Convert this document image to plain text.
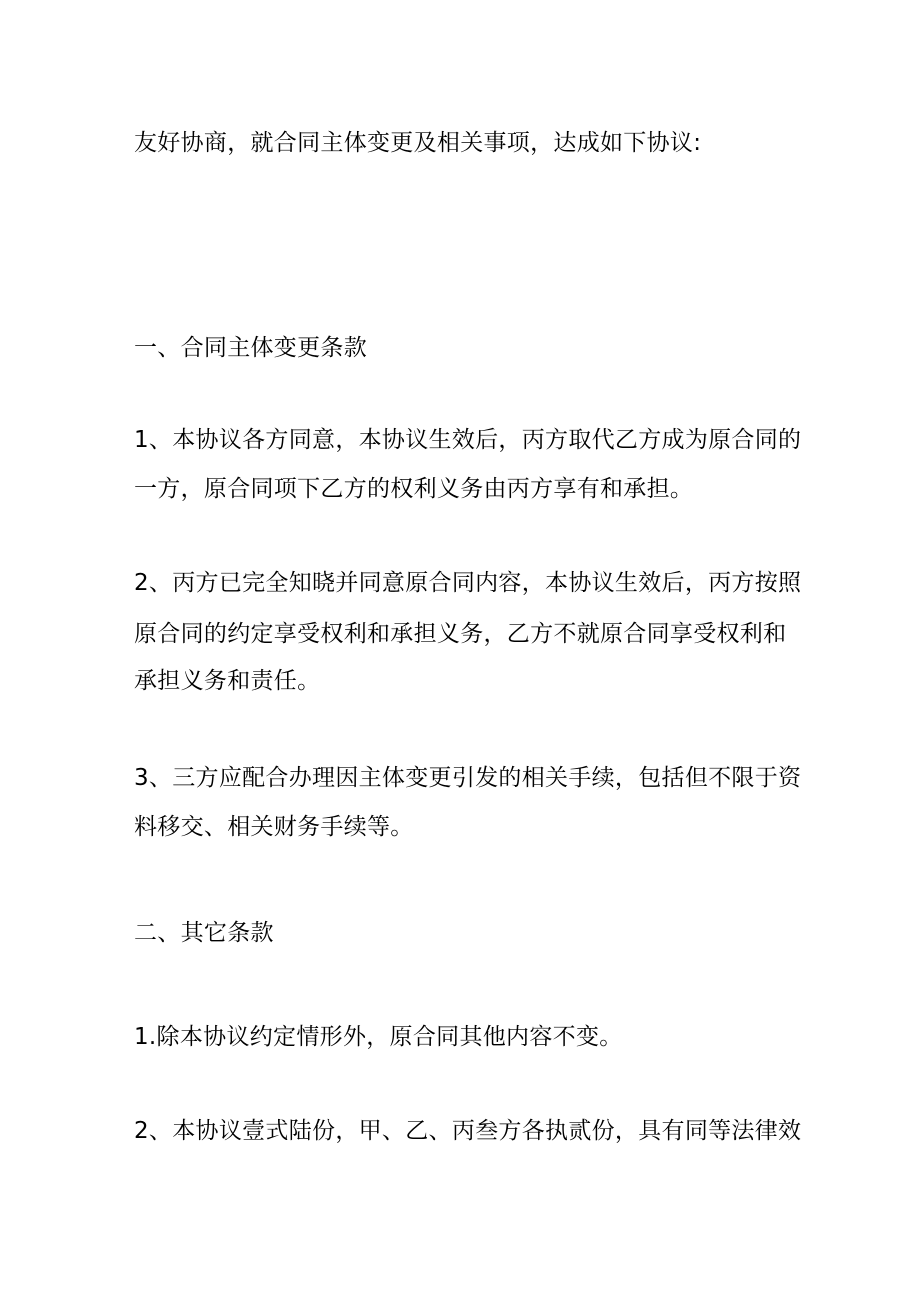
友好协商，就合同主体变更及相关事项，达成如下协议:
一、合同主体变更条款
1、本协议各方同意，本协议生效后，丙方取代乙方成为原合同的
一方，原合同项下乙方的权利义务由丙方享有和承担。
2、丙方已完全知晓并同意原合同内容，本协议生效后，丙方按照
原合同的约定享受权利和承担义务，乙方不就原合同享受权利和
承担义务和责任。
3、三方应配合办理因主体变更引发的相关手续，包括但不限于资
料移交、相关财务手续等。
二、其它条款
1.除本协议约定情形外，原合同其他内容不变。
2、本协议壹式陆份，甲、乙、丙叁方各执贰份，具有同等法律效
